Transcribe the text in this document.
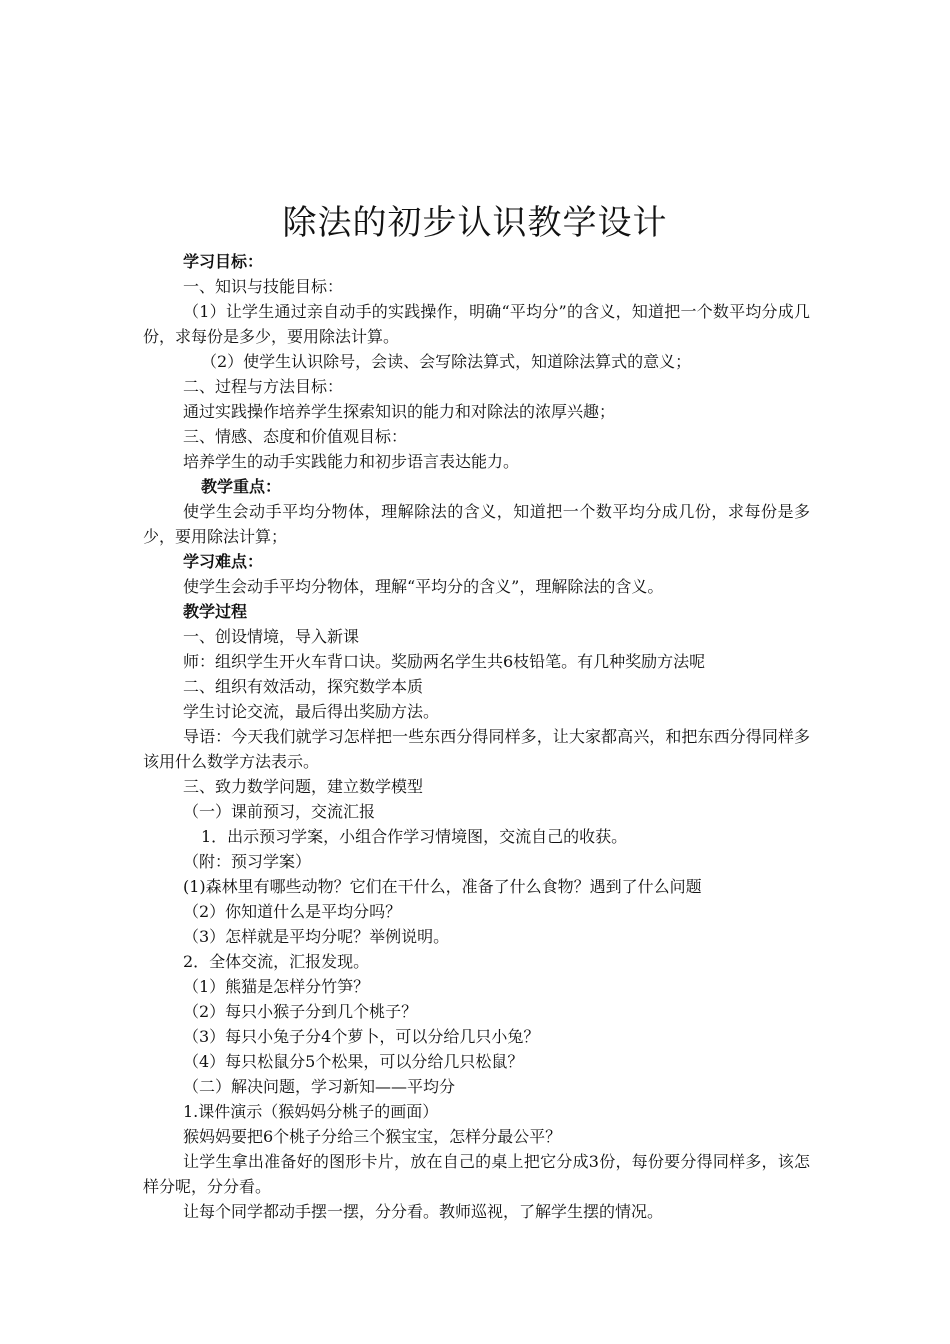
除法的初步认识教学设计

学习目标：

一、知识与技能目标：

（1）让学生通过亲自动手的实践操作，明确“平均分”的含义，知道把一个数平均分成几份，求每份是多少，要用除法计算。

（2）使学生认识除号，会读、会写除法算式，知道除法算式的意义；

二、过程与方法目标：

通过实践操作培养学生探索知识的能力和对除法的浓厚兴趣；

三、情感、态度和价值观目标：

培养学生的动手实践能力和初步语言表达能力。

教学重点：

使学生会动手平均分物体，理解除法的含义，知道把一个数平均分成几份，求每份是多少，要用除法计算；

学习难点：

使学生会动手平均分物体，理解“平均分的含义”，理解除法的含义。

教学过程

一、创设情境，导入新课

师：组织学生开火车背口诀。奖励两名学生共6枝铅笔。有几种奖励方法呢

二、组织有效活动，探究数学本质

学生讨论交流，最后得出奖励方法。

导语：今天我们就学习怎样把一些东西分得同样多，让大家都高兴，和把东西分得同样多该用什么数学方法表示。

三、致力数学问题，建立数学模型

（一）课前预习，交流汇报

1．出示预习学案，小组合作学习情境图，交流自己的收获。

（附：预习学案）

(1)森林里有哪些动物？它们在干什么，准备了什么食物？遇到了什么问题

（2）你知道什么是平均分吗？

（3）怎样就是平均分呢？举例说明。

2．全体交流，汇报发现。

（1）熊猫是怎样分竹笋？

（2）每只小猴子分到几个桃子？

（3）每只小兔子分4个萝卜，可以分给几只小兔？

（4）每只松鼠分5个松果，可以分给几只松鼠？

（二）解决问题，学习新知——平均分

1.课件演示（猴妈妈分桃子的画面）

猴妈妈要把6个桃子分给三个猴宝宝，怎样分最公平？

让学生拿出准备好的图形卡片，放在自己的桌上把它分成3份，每份要分得同样多，该怎样分呢，分分看。

让每个同学都动手摆一摆，分分看。教师巡视，了解学生摆的情况。
